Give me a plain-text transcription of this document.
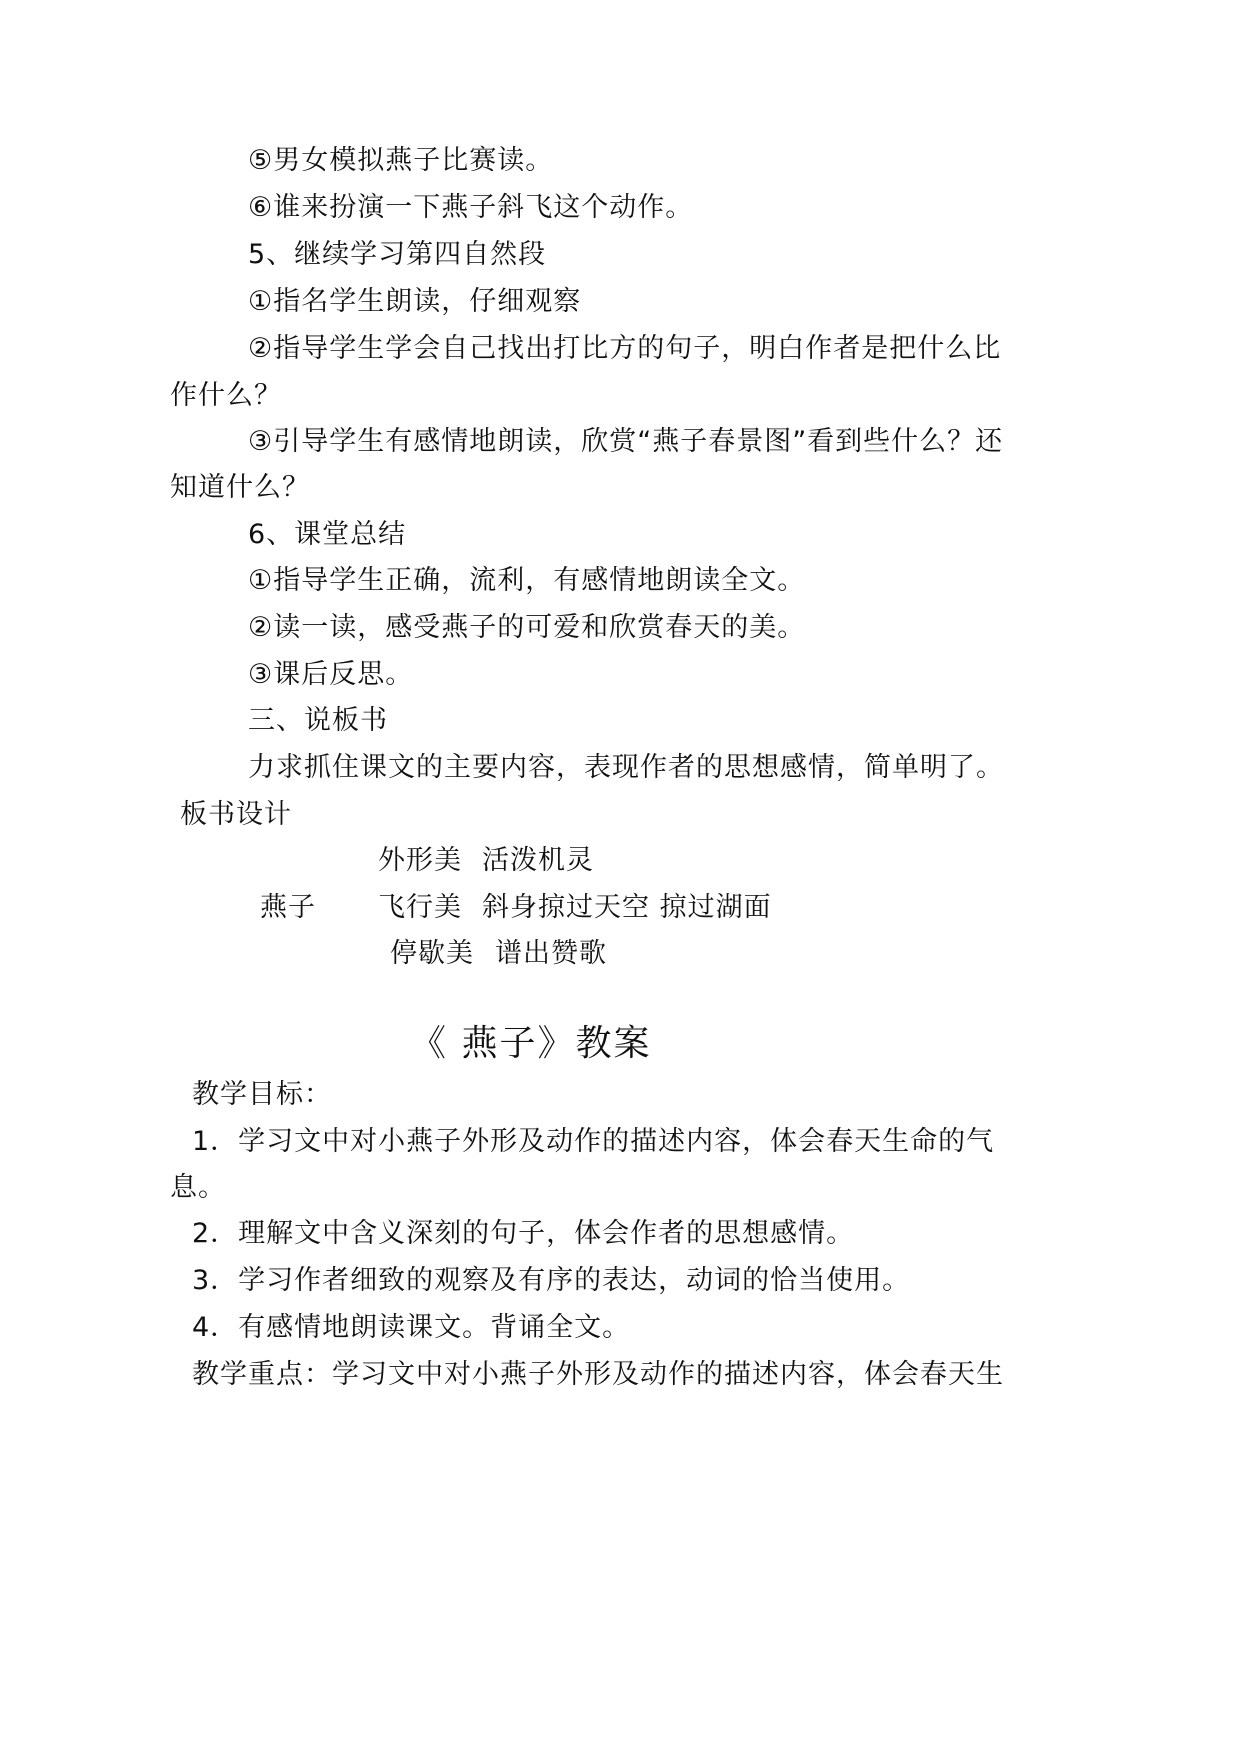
⑤男女模拟燕子比赛读。
⑥谁来扮演一下燕子斜飞这个动作。
5、继续学习第四自然段
①指名学生朗读，仔细观察
②指导学生学会自己找出打比方的句子，明白作者是把什么比
作什么？
③引导学生有感情地朗读，欣赏“燕子春景图”看到些什么？还
知道什么？
6、课堂总结
①指导学生正确，流利，有感情地朗读全文。
②读一读，感受燕子的可爱和欣赏春天的美。
③课后反思。
三、说板书
力求抓住课文的主要内容，表现作者的思想感情，简单明了。
板书设计
外形美 活泼机灵
燕子 飞行美 斜身掠过天空 掠过湖面
停歇美 谱出赞歌
《 燕子》教案
教学目标：
1．学习文中对小燕子外形及动作的描述内容，体会春天生命的气
息。
2．理解文中含义深刻的句子，体会作者的思想感情。
3．学习作者细致的观察及有序的表达，动词的恰当使用。
4．有感情地朗读课文。背诵全文。
教学重点：学习文中对小燕子外形及动作的描述内容，体会春天生
